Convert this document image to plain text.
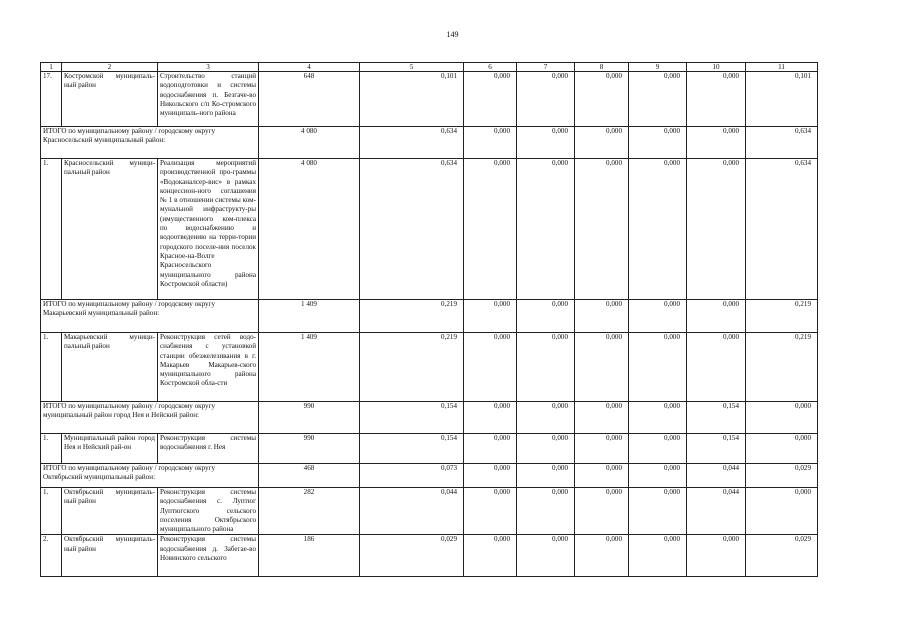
149
1	2	3	4	5	6	7	8	9	10	11
17.	Костромской муниципаль-ный район	Строительство станций водоподготовки и системы водоснабжения п. Безгаче-во Никольского с/п Ко-стромского муниципаль-ного района	648	0,101	0,000	0,000	0,000	0,000	0,000	0,101
ИТОГО по муниципальному району / городскому округу Красносельский муниципальный район:			4 080	0,634	0,000	0,000	0,000	0,000	0,000	0,634
1.	Красносельский муници-пальный район	Реализация мероприятий производственной про-граммы «Водоканалсер-вис» в рамках концессион-ного соглашения № 1 в отношении системы ком-мунальной инфраструкту-ры (имущественного ком-плекса по водоснабжению и водоотведению на терри-тории городского поселе-ния поселок Красное-на-Волге Красносельского муниципального района Костромской области)	4 080	0,634	0,000	0,000	0,000	0,000	0,000	0,634
ИТОГО по муниципальному району / городскому округу Макарьевский муниципальный район:			1 409	0,219	0,000	0,000	0,000	0,000	0,000	0,219
1.	Макарьевский муници-пальный район	Реконструкция сетей водо-снабжения с установкой станции обезжелезивания в г. Макарьев Макарьев-ского муниципального района Костромской обла-сти	1 409	0,219	0,000	0,000	0,000	0,000	0,000	0,219
ИТОГО по муниципальному району / городскому округу муниципальный район город Нея и Нейский район:			990	0,154	0,000	0,000	0,000	0,000	0,154	0,000
1.	Муниципальный район город Нея и Нейский рай-он	Реконструкция системы водоснабжения г. Нея	990	0,154	0,000	0,000	0,000	0,000	0,154	0,000
ИТОГО по муниципальному району / городскому округу Октябрьский муниципальный район:			468	0,073	0,000	0,000	0,000	0,000	0,044	0,029
1.	Октябрьский муниципаль-ный район	Реконструкция системы водоснабжения с. Луптюг Луптюгского сельского поселения Октябрьского муниципального района	282	0,044	0,000	0,000	0,000	0,000	0,044	0,000
2.	Октябрьский муниципаль-ный район	Реконструкция системы водоснабжения д. Забегае-во Новинского сельского	186	0,029	0,000	0,000	0,000	0,000	0,000	0,029
